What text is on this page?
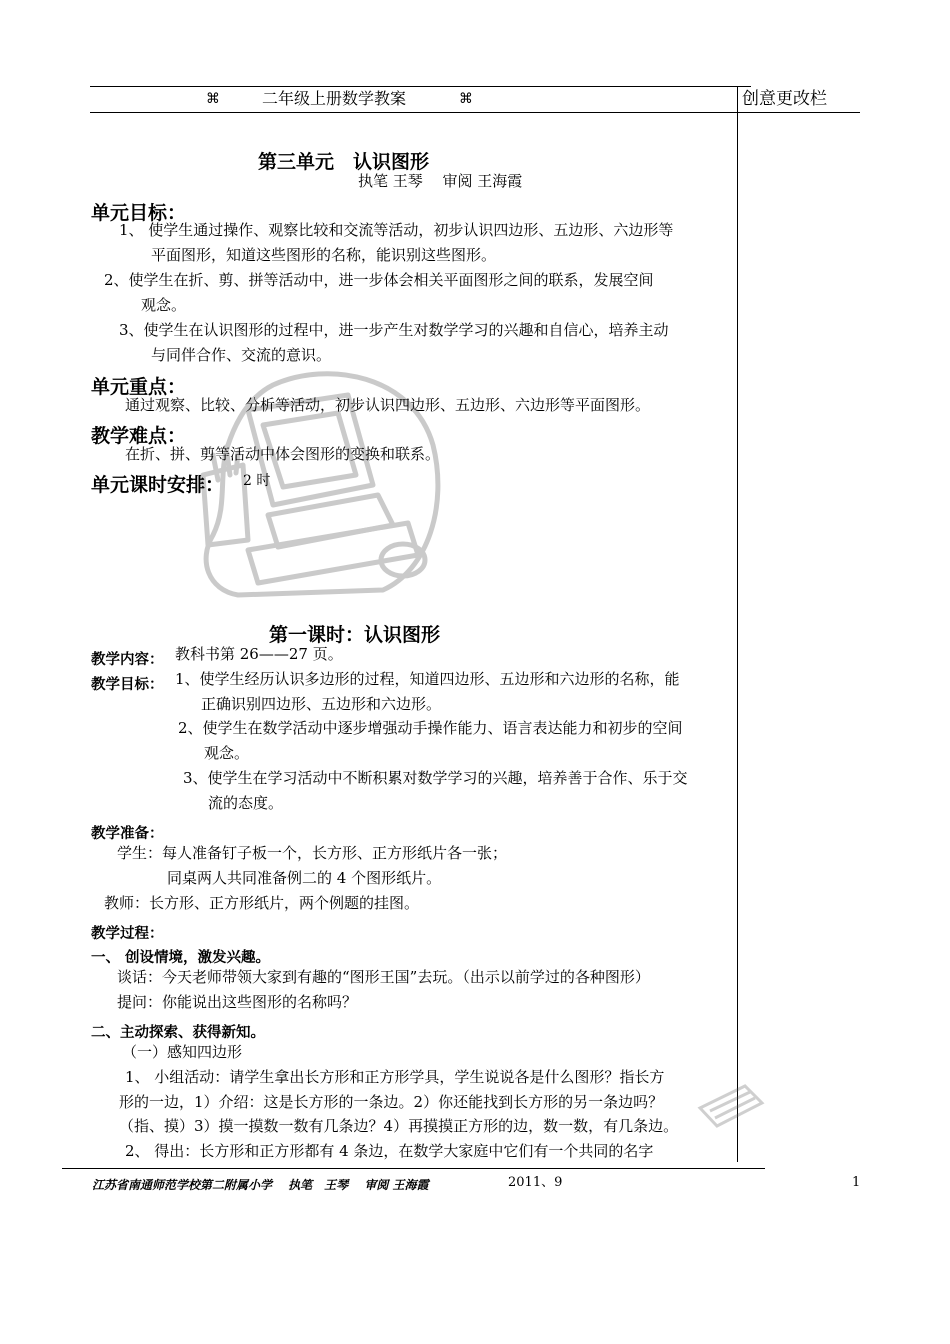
⌘	二年级上册数学教案	⌘	创意更改栏
第三单元　认识图形
执笔 王琴　 审阅 王海霞
单元目标：
1、 使学生通过操作、观察比较和交流等活动，初步认识四边形、五边形、六边形等
平面图形，知道这些图形的名称，能识别这些图形。
2、使学生在折、剪、拼等活动中，进一步体会相关平面图形之间的联系，发展空间
观念。
3、使学生在认识图形的过程中，进一步产生对数学学习的兴趣和自信心，培养主动
与同伴合作、交流的意识。
单元重点：
通过观察、比较、分析等活动，初步认识四边形、五边形、六边形等平面图形。
教学难点：
在折、拼、剪等活动中体会图形的变换和联系。
单元课时安排： 2 时
第一课时：认识图形
教学内容： 教科书第 26——27 页。
教学目标： 1、使学生经历认识多边形的过程，知道四边形、五边形和六边形的名称，能
正确识别四边形、五边形和六边形。
2、使学生在数学活动中逐步增强动手操作能力、语言表达能力和初步的空间
观念。
3、使学生在学习活动中不断积累对数学学习的兴趣，培养善于合作、乐于交
流的态度。
教学准备：
学生：每人准备钉子板一个，长方形、正方形纸片各一张；
同桌两人共同准备例二的 4 个图形纸片。
教师：长方形、正方形纸片，两个例题的挂图。
教学过程：
一、 创设情境，激发兴趣。
谈话：今天老师带领大家到有趣的“图形王国”去玩。（出示以前学过的各种图形）
提问：你能说出这些图形的名称吗？
二、主动探索、获得新知。
（一）感知四边形
1、 小组活动：请学生拿出长方形和正方形学具，学生说说各是什么图形？指长方
形的一边，1）介绍：这是长方形的一条边。2）你还能找到长方形的另一条边吗？
（指、摸）3）摸一摸数一数有几条边？4）再摸摸正方形的边，数一数，有几条边。
2、 得出：长方形和正方形都有 4 条边，在数学大家庭中它们有一个共同的名字
江苏省南通师范学校第二附属小学　 执笔　王琴　 审阅 王海霞	2011、9	1
